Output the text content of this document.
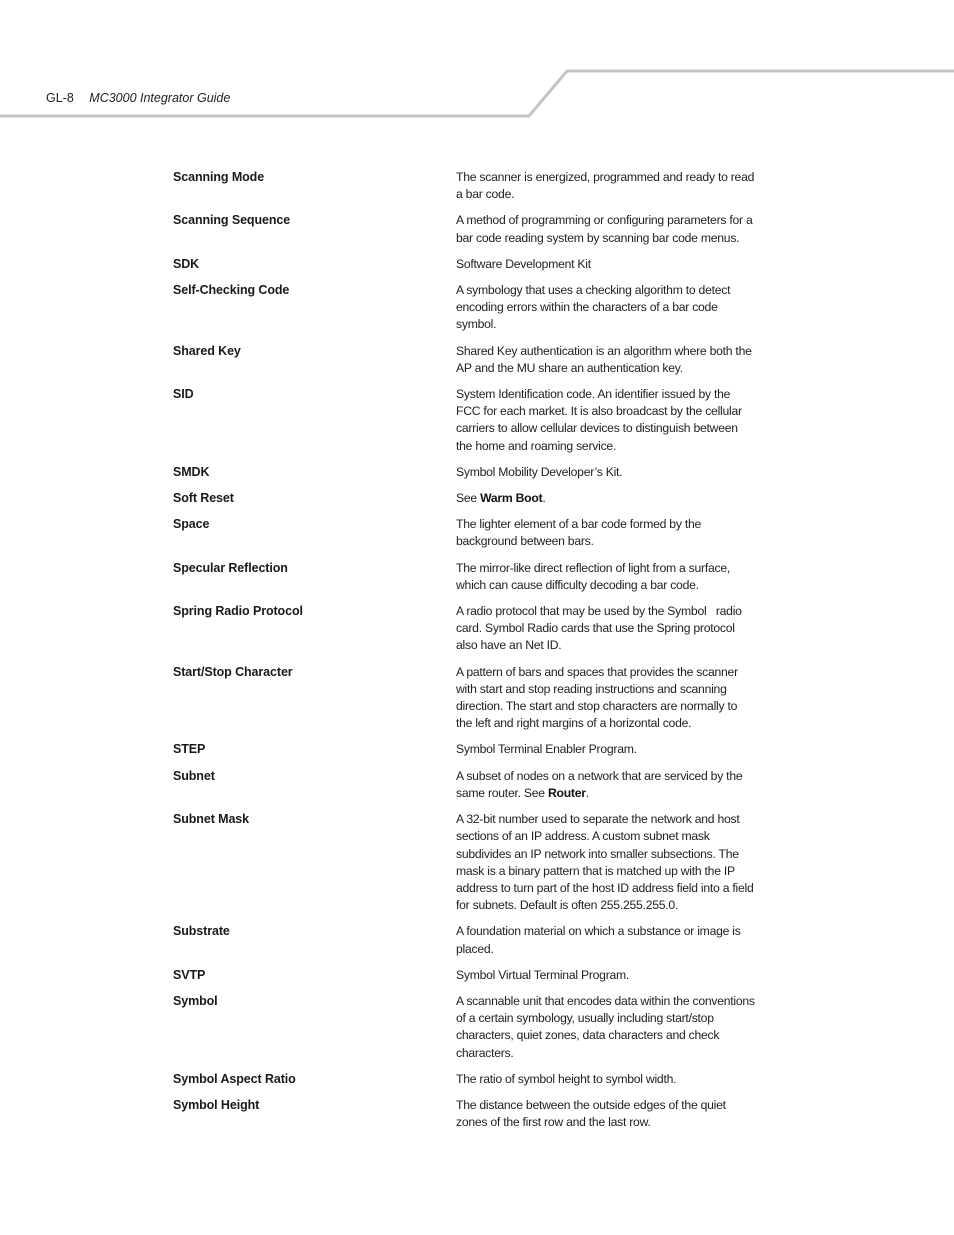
GL-8 MC3000 Integrator Guide
Scanning Mode	The scanner is energized, programmed and ready to read a bar code.
Scanning Sequence	A method of programming or configuring parameters for a bar code reading system by scanning bar code menus.
SDK	Software Development Kit
Self-Checking Code	A symbology that uses a checking algorithm to detect encoding errors within the characters of a bar code symbol.
Shared Key	Shared Key authentication is an algorithm where both the AP and the MU share an authentication key.
SID	System Identification code. An identifier issued by the FCC for each market. It is also broadcast by the cellular carriers to allow cellular devices to distinguish between the home and roaming service.
SMDK	Symbol Mobility Developer’s Kit.
Soft Reset	See Warm Boot.
Space	The lighter element of a bar code formed by the background between bars.
Specular Reflection	The mirror-like direct reflection of light from a surface, which can cause difficulty decoding a bar code.
Spring Radio Protocol	A radio protocol that may be used by the Symbol   radio card. Symbol Radio cards that use the Spring protocol also have an Net ID.
Start/Stop Character	A pattern of bars and spaces that provides the scanner with start and stop reading instructions and scanning direction. The start and stop characters are normally to the left and right margins of a horizontal code.
STEP	Symbol Terminal Enabler Program.
Subnet	A subset of nodes on a network that are serviced by the same router. See Router.
Subnet Mask	A 32-bit number used to separate the network and host sections of an IP address. A custom subnet mask subdivides an IP network into smaller subsections. The mask is a binary pattern that is matched up with the IP address to turn part of the host ID address field into a field for subnets. Default is often 255.255.255.0.
Substrate	A foundation material on which a substance or image is placed.
SVTP	Symbol Virtual Terminal Program.
Symbol	A scannable unit that encodes data within the conventions of a certain symbology, usually including start/stop characters, quiet zones, data characters and check characters.
Symbol Aspect Ratio	The ratio of symbol height to symbol width.
Symbol Height	The distance between the outside edges of the quiet zones of the first row and the last row.
